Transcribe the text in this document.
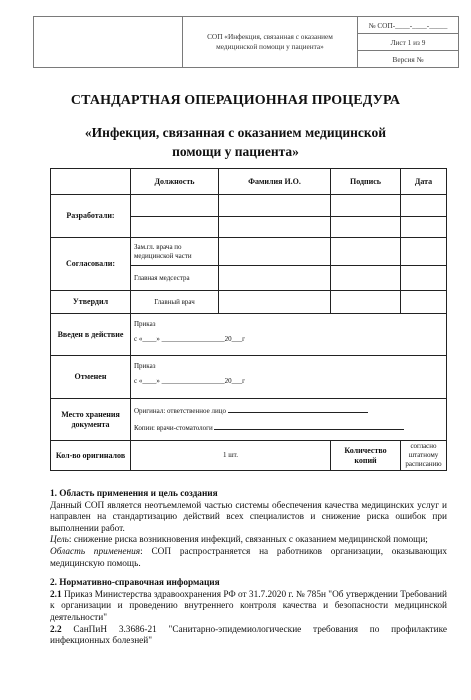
	СОП «Инфекция, связанная с оказанием
медицинской помощи у пациента»	№ СОП-____-____-_____
Лист 1 из 9
Версия №
СТАНДАРТНАЯ ОПЕРАЦИОННАЯ ПРОЦЕДУРА
«Инфекция, связанная с оказанием медицинской
помощи у пациента»
	Должность	Фамилия И.О.	Подпись	Дата
Разработали:				

Согласовали:	Зам.гл. врача по медицинской части			
	Главная медсестра			
Утвердил	Главный врач			
Введен в действие	Приказ
с «____» __________________20___г			

Отменен	Приказ
с «____» __________________20___г			

Место хранения документа	Оригинал: ответственное лицо
Копии: врачи-стоматологи			

Кол-во оригиналов	1 шт.		Количество копий	согласно штатному расписанию

1. Область применения и цель создания

Данный СОП является неотъемлемой частью системы обеспечения качества медицинских услуг и направлен на стандартизацию действий всех специалистов и снижение риска ошибок при выполнении работ.

Цель: снижение риска возникновения инфекций, связанных с оказанием медицинской помощи;

Область применения: СОП распространяется на работников организации, оказывающих медицинскую помощь.

2. Нормативно-справочная информация

2.1 Приказ Министерства здравоохранения РФ от 31.7.2020 г. № 785н "Об утверждении Требований к организации и проведению внутреннего контроля качества и безопасности медицинской деятельности"

2.2 СанПиН 3.3686-21 "Санитарно-эпидемиологические требования по профилактике инфекционных болезней"
